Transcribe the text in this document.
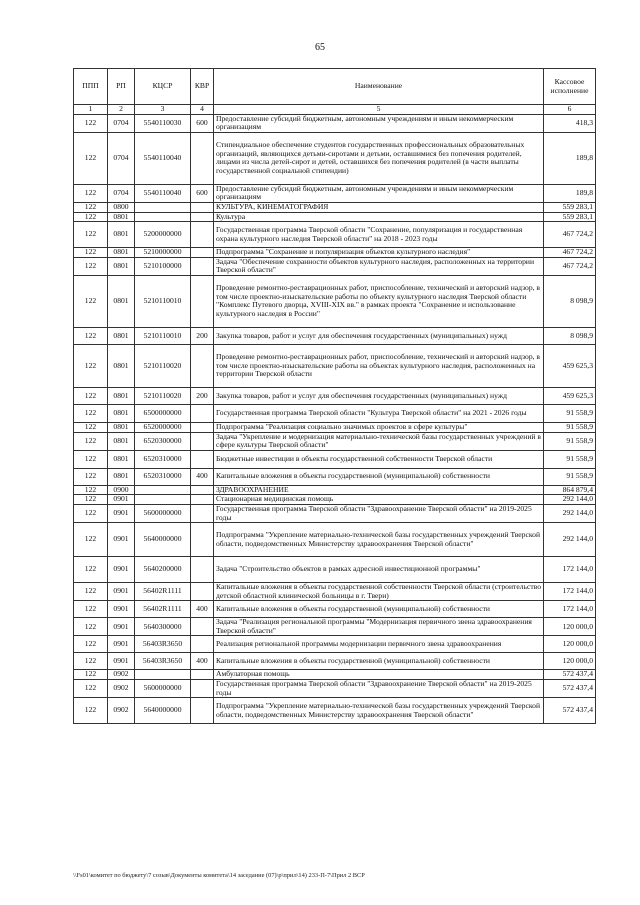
65
ППП	РП	КЦСР	КВР	Наименование	Кассовое исполнение
1	2	3	4	5	6
122	0704	5540110030	600	Предоставление субсидий бюджетным, автономным учреждениям и иным некоммерческим организациям	418,3
122	0704	5540110040		Стипендиальное обеспечение студентов государственных профессиональных образовательных организаций, являющихся детьми-сиротами и детьми, оставшимися без попечения родителей, лицами из числа детей-сирот и детей, оставшихся без попечения родителей (в части выплаты государственной социальной стипендии)	189,8
122	0704	5540110040	600	Предоставление субсидий бюджетным, автономным учреждениям и иным некоммерческим организациям	189,8
122	0800			КУЛЬТУРА, КИНЕМАТОГРАФИЯ	559 283,1
122	0801			Культура	559 283,1
122	0801	5200000000		Государственная программа Тверской области "Сохранение, популяризация и государственная охрана культурного наследия Тверской области" на 2018 - 2023 годы	467 724,2
122	0801	5210000000		Подпрограмма "Сохранение и популяризация объектов культурного наследия"	467 724,2
122	0801	5210100000		Задача "Обеспечение сохранности объектов культурного наследия, расположенных на территории Тверской области"	467 724,2
122	0801	5210110010		Проведение ремонтно-реставрационных работ, приспособление, технический и авторский надзор, в том числе проектно-изыскательские работы по объекту культурного наследия Тверской области "Комплекс Путевого дворца, XVIII-XIX вв." в рамках проекта "Сохранение и использование культурного наследия в России"	8 098,9
122	0801	5210110010	200	Закупка товаров, работ и услуг для обеспечения государственных (муниципальных) нужд	8 098,9
122	0801	5210110020		Проведение ремонтно-реставрационных работ, приспособление, технический и авторский надзор, в том числе проектно-изыскательские работы на объектах культурного наследия, расположенных на территории Тверской области	459 625,3
122	0801	5210110020	200	Закупка товаров, работ и услуг для обеспечения государственных (муниципальных) нужд	459 625,3
122	0801	6500000000		Государственная программа Тверской области "Культура Тверской области" на 2021 - 2026 годы	91 558,9
122	0801	6520000000		Подпрограмма "Реализация социально значимых проектов в сфере культуры"	91 558,9
122	0801	6520300000		Задача "Укрепление и модернизация материально-технической базы государственных учреждений в сфере культуры Тверской области"	91 558,9
122	0801	6520310000		Бюджетные инвестиции в объекты государственной собственности Тверской области	91 558,9
122	0801	6520310000	400	Капитальные вложения в объекты государственной (муниципальной) собственности	91 558,9
122	0900			ЗДРАВООХРАНЕНИЕ	864 879,4
122	0901			Стационарная медицинская помощь	292 144,0
122	0901	5600000000		Государственная программа Тверской области "Здравоохранение Тверской области" на 2019-2025 годы	292 144,0
122	0901	5640000000		Подпрограмма "Укрепление материально-технической базы государственных учреждений Тверской области, подведомственных Министерству здравоохранения Тверской области"	292 144,0
122	0901	5640200000		Задача "Строительство объектов в рамках адресной инвестиционной программы"	172 144,0
122	0901	56402R1111		Капитальные вложения в объекты государственной собственности Тверской области (строительство детской областной клинической больницы в г. Твери)	172 144,0
122	0901	56402R1111	400	Капитальные вложения в объекты государственной (муниципальной) собственности	172 144,0
122	0901	5640300000		Задача "Реализация региональной программы "Модернизация первичного звена здравоохранения Тверской области"	120 000,0
122	0901	56403R3650		Реализация региональной программы модернизации первичного звена здравоохранения	120 000,0
122	0901	56403R3650	400	Капитальные вложения в объекты государственной (муниципальной) собственности	120 000,0
122	0902			Амбулаторная помощь	572 437,4
122	0902	5600000000		Государственная программа Тверской области "Здравоохранение Тверской области" на 2019-2025 годы	572 437,4
122	0902	5640000000		Подпрограмма "Укрепление материально-технической базы государственных учреждений Тверской области, подведомственных Министерству здравоохранения Тверской области"	572 437,4
\\Fs01\комитет по бюджету\7 созыв\Документы комитета\14 заседание (07)\р\прил\14) 233-П-7\Прил 2 ВСР
